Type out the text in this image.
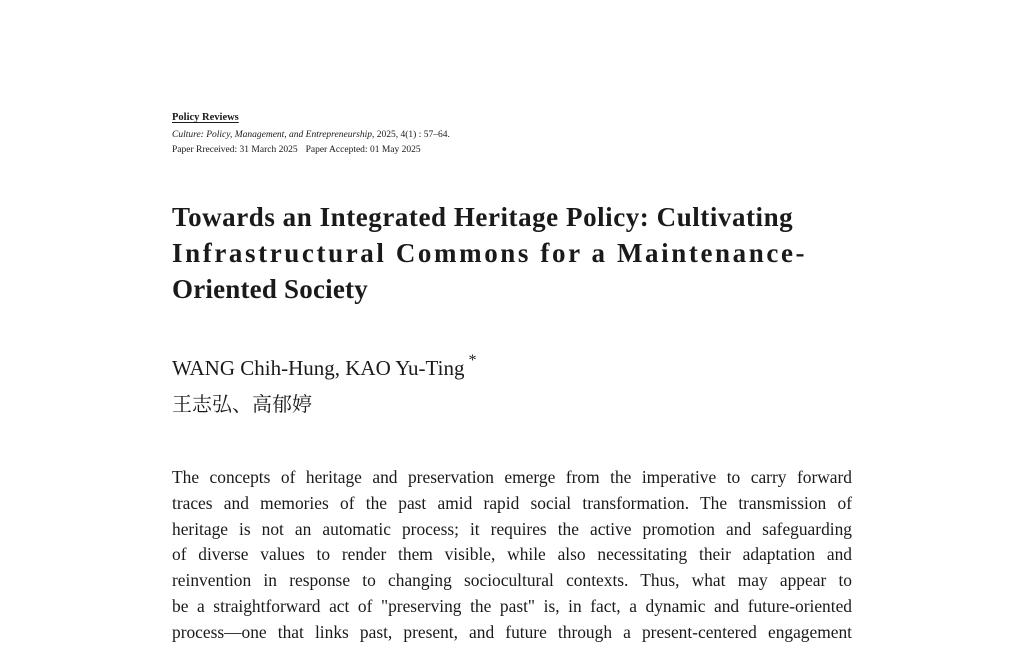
Policy Reviews
Culture: Policy, Management, and Entrepreneurship, 2025, 4(1) : 57–64.
Paper Rreceived: 31 March 2025 Paper Accepted: 01 May 2025
Towards an Integrated Heritage Policy: Cultivating
Infrastructural Commons for a Maintenance-
Oriented Society
WANG Chih-Hung, KAO Yu-Ting *
王志弘、高郁婷

The concepts of heritage and preservation emerge from the imperative to carry forward
traces and memories of the past amid rapid social transformation. The transmission of
heritage is not an automatic process; it requires the active promotion and safeguarding
of diverse values to render them visible, while also necessitating their adaptation and
reinvention in response to changing sociocultural contexts. Thus, what may appear to
be a straightforward act of "preserving the past" is, in fact, a dynamic and future-oriented
process—one that links past, present, and future through a present-centered engagement
